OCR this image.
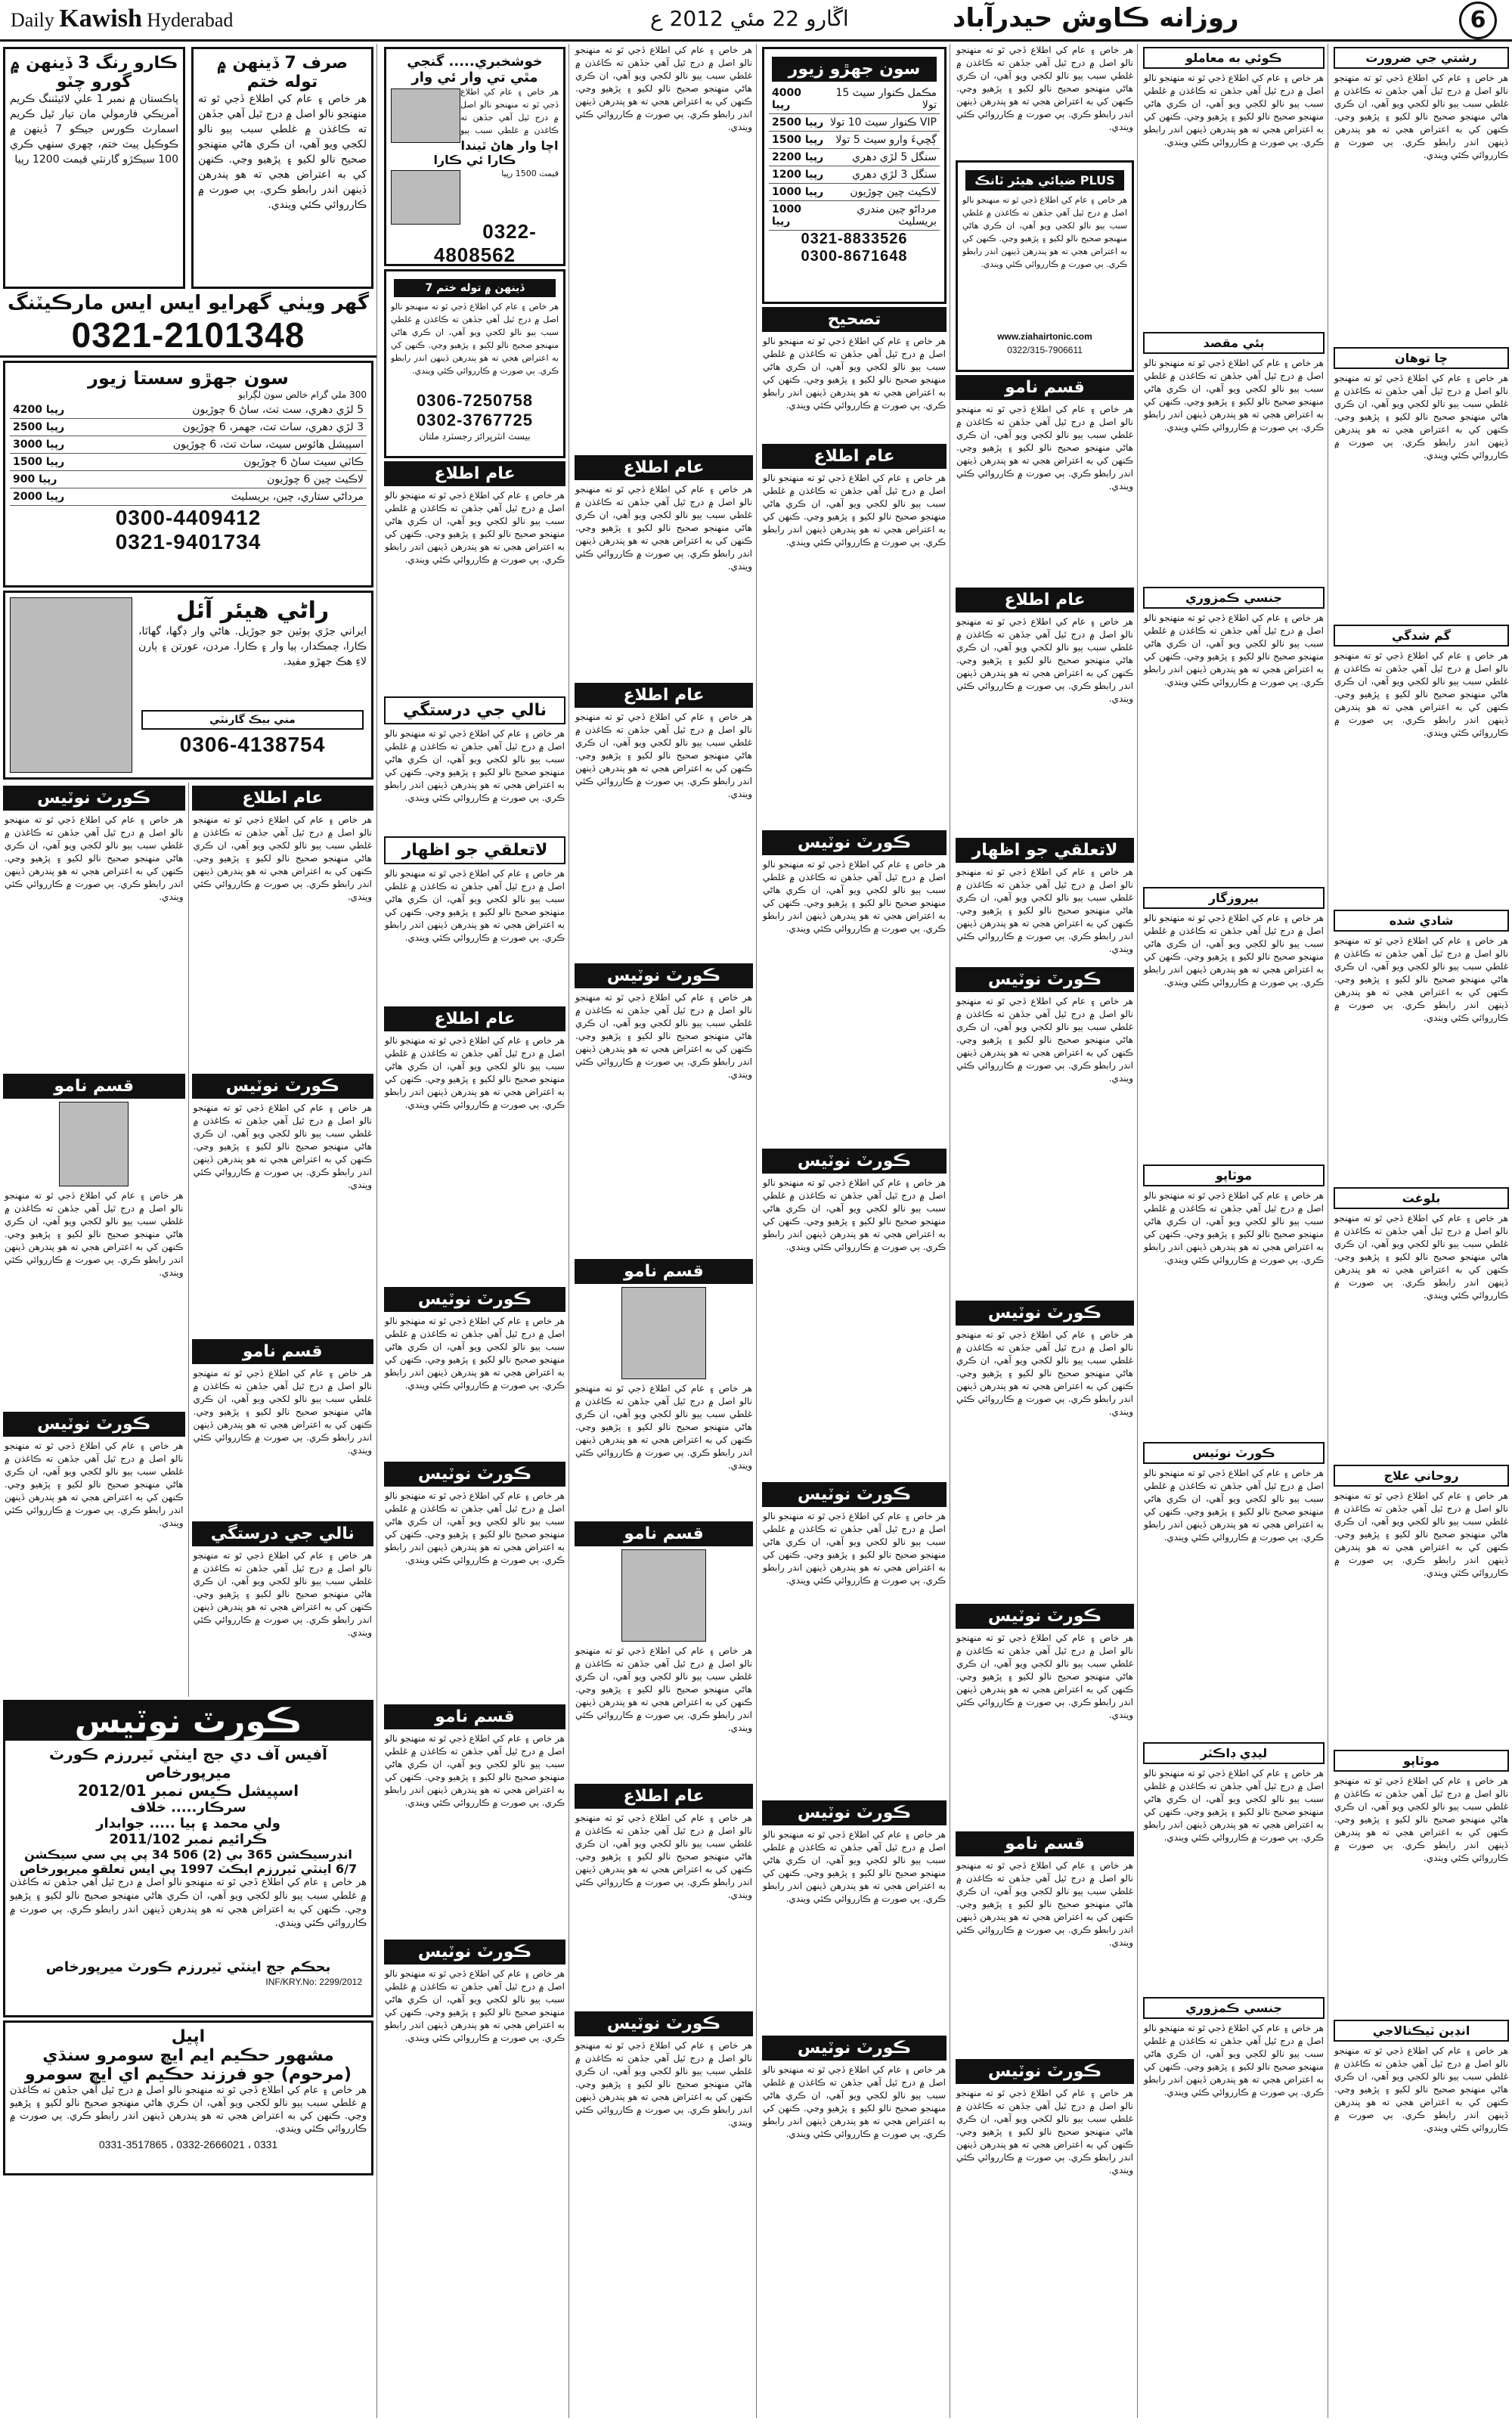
Daily Kawish Hyderabad	اڱارو 22 مئي 2012 ع	روزانه ڪاوش حيدرآباد	6
ڪارو رنگ 3 ڏينهن ۾ گورو چٽو
پاڪستان ۾ نمبر 1 علي لائيٽننگ ڪريم آمريڪي فارمولي مان تيار ٿيل ڪريم اسمارٽ ڪورس جيڪو 7 ڏينهن ۾ ڪوڪيل پيٽ ختم، چهري سنهي ڪري 100 سيڪڙو گارنٽي قيمت 1200 رپيا
صرف 7 ڏينهن ۾ توله ختم
هر خاص ۽ عام کي اطلاع ڏجي ٿو ته منهنجو نالو اصل ۾ درج ٿيل آهي جڏهن ته ڪاغذن ۾ غلطي سبب ٻيو نالو لکجي ويو آهي، ان ڪري هاڻي منهنجو صحيح نالو لکيو ۽ پڙهيو وڃي. ڪنهن کي به اعتراض هجي ته هو پندرهن ڏينهن اندر رابطو ڪري. ٻي صورت ۾ ڪارروائي ڪئي ويندي.
گهر ويٺي گهرايو ايس ايس مارڪيٽنگ
0321-2101348
سون جهڙو سستا زيور
300 ملي گرام خالص سون لڳرايو
5 لڙي دهري، ست تٽ، ساڻ 6 چوڙيون
4200 رپيا
3 لڙي دهري، ساٽ تٽ، جهمر، 6 چوڙيون
2500 رپيا
اسپيشل هائوس سيٽ، ساٽ تٽ، 6 چوڙيون
3000 رپيا
ڪاٽي سيٽ ساڻ 6 چوڙيون
1500 رپيا
لاڪيٽ چين 6 چوڙيون
900 رپيا
مرداڻي ستاري، چين، بريسليٽ
2000 رپيا
0300-4409412
0321-9401734
راڻي هيئر آئل
ايراني جڙي ٻوٽين جو جوڙيل. هاڻي وار ڊگها، گهاٽا، ڪارا، چمڪدار، ٻيا وار ۽ ڪارا. مردن، عورتن ۽ ٻارن لاءِ هڪ جهڙو مفيد.
مني بيڪ گارنٽي
0306-4138754
ڪورٽ نوٽيس
هر خاص ۽ عام کي اطلاع ڏجي ٿو ته منهنجو نالو اصل ۾ درج ٿيل آهي جڏهن ته ڪاغذن ۾ غلطي سبب ٻيو نالو لکجي ويو آهي، ان ڪري هاڻي منهنجو صحيح نالو لکيو ۽ پڙهيو وڃي. ڪنهن کي به اعتراض هجي ته هو پندرهن ڏينهن اندر رابطو ڪري. ٻي صورت ۾ ڪارروائي ڪئي ويندي.
قسم نامو
هر خاص ۽ عام کي اطلاع ڏجي ٿو ته منهنجو نالو اصل ۾ درج ٿيل آهي جڏهن ته ڪاغذن ۾ غلطي سبب ٻيو نالو لکجي ويو آهي، ان ڪري هاڻي منهنجو صحيح نالو لکيو ۽ پڙهيو وڃي. ڪنهن کي به اعتراض هجي ته هو پندرهن ڏينهن اندر رابطو ڪري. ٻي صورت ۾ ڪارروائي ڪئي ويندي.
ڪورٽ نوٽيس
هر خاص ۽ عام کي اطلاع ڏجي ٿو ته منهنجو نالو اصل ۾ درج ٿيل آهي جڏهن ته ڪاغذن ۾ غلطي سبب ٻيو نالو لکجي ويو آهي، ان ڪري هاڻي منهنجو صحيح نالو لکيو ۽ پڙهيو وڃي. ڪنهن کي به اعتراض هجي ته هو پندرهن ڏينهن اندر رابطو ڪري. ٻي صورت ۾ ڪارروائي ڪئي ويندي.
عام اطلاع
هر خاص ۽ عام کي اطلاع ڏجي ٿو ته منهنجو نالو اصل ۾ درج ٿيل آهي جڏهن ته ڪاغذن ۾ غلطي سبب ٻيو نالو لکجي ويو آهي، ان ڪري هاڻي منهنجو صحيح نالو لکيو ۽ پڙهيو وڃي. ڪنهن کي به اعتراض هجي ته هو پندرهن ڏينهن اندر رابطو ڪري. ٻي صورت ۾ ڪارروائي ڪئي ويندي.
ڪورٽ نوٽيس
هر خاص ۽ عام کي اطلاع ڏجي ٿو ته منهنجو نالو اصل ۾ درج ٿيل آهي جڏهن ته ڪاغذن ۾ غلطي سبب ٻيو نالو لکجي ويو آهي، ان ڪري هاڻي منهنجو صحيح نالو لکيو ۽ پڙهيو وڃي. ڪنهن کي به اعتراض هجي ته هو پندرهن ڏينهن اندر رابطو ڪري. ٻي صورت ۾ ڪارروائي ڪئي ويندي.
قسم نامو
هر خاص ۽ عام کي اطلاع ڏجي ٿو ته منهنجو نالو اصل ۾ درج ٿيل آهي جڏهن ته ڪاغذن ۾ غلطي سبب ٻيو نالو لکجي ويو آهي، ان ڪري هاڻي منهنجو صحيح نالو لکيو ۽ پڙهيو وڃي. ڪنهن کي به اعتراض هجي ته هو پندرهن ڏينهن اندر رابطو ڪري. ٻي صورت ۾ ڪارروائي ڪئي ويندي.
نالي جي درستگي
هر خاص ۽ عام کي اطلاع ڏجي ٿو ته منهنجو نالو اصل ۾ درج ٿيل آهي جڏهن ته ڪاغذن ۾ غلطي سبب ٻيو نالو لکجي ويو آهي، ان ڪري هاڻي منهنجو صحيح نالو لکيو ۽ پڙهيو وڃي. ڪنهن کي به اعتراض هجي ته هو پندرهن ڏينهن اندر رابطو ڪري. ٻي صورت ۾ ڪارروائي ڪئي ويندي.
ڪورٽ نوٽيس
آفيس آف دي جج اينٽي ٽيررزم ڪورٽ ميرپورخاص
اسپيشل ڪيس نمبر 2012/01
سرڪار..... خلاف
ولي محمد ۽ ٻيا ..... جوابدار
ڪرائيم نمبر 2011/102
انڊرسيڪشن 365 بي (2) 506 34 پي پي سي سيڪشن
6/7 اينٽي ٽيررزم ايڪٽ 1997 پي ايس تعلقو ميرپورخاص
هر خاص ۽ عام کي اطلاع ڏجي ٿو ته منهنجو نالو اصل ۾ درج ٿيل آهي جڏهن ته ڪاغذن ۾ غلطي سبب ٻيو نالو لکجي ويو آهي، ان ڪري هاڻي منهنجو صحيح نالو لکيو ۽ پڙهيو وڃي. ڪنهن کي به اعتراض هجي ته هو پندرهن ڏينهن اندر رابطو ڪري. ٻي صورت ۾ ڪارروائي ڪئي ويندي.
بحڪم جج اينٽي ٽيررزم ڪورٽ ميرپورخاص
INF/KRY.No: 2299/2012
اپيل
مشهور حڪيم ايم ايڇ سومرو سنڌي (مرحوم) جو فرزند حڪيم اي ايڇ سومرو
هر خاص ۽ عام کي اطلاع ڏجي ٿو ته منهنجو نالو اصل ۾ درج ٿيل آهي جڏهن ته ڪاغذن ۾ غلطي سبب ٻيو نالو لکجي ويو آهي، ان ڪري هاڻي منهنجو صحيح نالو لکيو ۽ پڙهيو وڃي. ڪنهن کي به اعتراض هجي ته هو پندرهن ڏينهن اندر رابطو ڪري. ٻي صورت ۾ ڪارروائي ڪئي ويندي.
0331-3517865 ، 0332-2666021 ، 0331
خوشخبري..... گنجي مٿي تي وار ئي وار
هر خاص ۽ عام کي اطلاع ڏجي ٿو ته منهنجو نالو اصل ۾ درج ٿيل آهي جڏهن ته ڪاغذن ۾ غلطي سبب ٻيو
اچا وار هاڻ ٿيندا ڪارا ئي ڪارا
قيمت 1500 رپيا
0322-4808562
7 ڏينهن ۾ توله ختم
هر خاص ۽ عام کي اطلاع ڏجي ٿو ته منهنجو نالو اصل ۾ درج ٿيل آهي جڏهن ته ڪاغذن ۾ غلطي سبب ٻيو نالو لکجي ويو آهي، ان ڪري هاڻي منهنجو صحيح نالو لکيو ۽ پڙهيو وڃي. ڪنهن کي به اعتراض هجي ته هو پندرهن ڏينهن اندر رابطو ڪري. ٻي صورت ۾ ڪارروائي ڪئي ويندي.
0306-7250758
0302-3767725
بيسٽ انٽرپرائز رجسٽرڊ ملتان
عام اطلاع
هر خاص ۽ عام کي اطلاع ڏجي ٿو ته منهنجو نالو اصل ۾ درج ٿيل آهي جڏهن ته ڪاغذن ۾ غلطي سبب ٻيو نالو لکجي ويو آهي، ان ڪري هاڻي منهنجو صحيح نالو لکيو ۽ پڙهيو وڃي. ڪنهن کي به اعتراض هجي ته هو پندرهن ڏينهن اندر رابطو ڪري. ٻي صورت ۾ ڪارروائي ڪئي ويندي.
نالي جي درستگي
هر خاص ۽ عام کي اطلاع ڏجي ٿو ته منهنجو نالو اصل ۾ درج ٿيل آهي جڏهن ته ڪاغذن ۾ غلطي سبب ٻيو نالو لکجي ويو آهي، ان ڪري هاڻي منهنجو صحيح نالو لکيو ۽ پڙهيو وڃي. ڪنهن کي به اعتراض هجي ته هو پندرهن ڏينهن اندر رابطو ڪري. ٻي صورت ۾ ڪارروائي ڪئي ويندي.
لاتعلقي جو اظهار
هر خاص ۽ عام کي اطلاع ڏجي ٿو ته منهنجو نالو اصل ۾ درج ٿيل آهي جڏهن ته ڪاغذن ۾ غلطي سبب ٻيو نالو لکجي ويو آهي، ان ڪري هاڻي منهنجو صحيح نالو لکيو ۽ پڙهيو وڃي. ڪنهن کي به اعتراض هجي ته هو پندرهن ڏينهن اندر رابطو ڪري. ٻي صورت ۾ ڪارروائي ڪئي ويندي.
عام اطلاع
هر خاص ۽ عام کي اطلاع ڏجي ٿو ته منهنجو نالو اصل ۾ درج ٿيل آهي جڏهن ته ڪاغذن ۾ غلطي سبب ٻيو نالو لکجي ويو آهي، ان ڪري هاڻي منهنجو صحيح نالو لکيو ۽ پڙهيو وڃي. ڪنهن کي به اعتراض هجي ته هو پندرهن ڏينهن اندر رابطو ڪري. ٻي صورت ۾ ڪارروائي ڪئي ويندي.
ڪورٽ نوٽيس
هر خاص ۽ عام کي اطلاع ڏجي ٿو ته منهنجو نالو اصل ۾ درج ٿيل آهي جڏهن ته ڪاغذن ۾ غلطي سبب ٻيو نالو لکجي ويو آهي، ان ڪري هاڻي منهنجو صحيح نالو لکيو ۽ پڙهيو وڃي. ڪنهن کي به اعتراض هجي ته هو پندرهن ڏينهن اندر رابطو ڪري. ٻي صورت ۾ ڪارروائي ڪئي ويندي.
ڪورٽ نوٽيس
هر خاص ۽ عام کي اطلاع ڏجي ٿو ته منهنجو نالو اصل ۾ درج ٿيل آهي جڏهن ته ڪاغذن ۾ غلطي سبب ٻيو نالو لکجي ويو آهي، ان ڪري هاڻي منهنجو صحيح نالو لکيو ۽ پڙهيو وڃي. ڪنهن کي به اعتراض هجي ته هو پندرهن ڏينهن اندر رابطو ڪري. ٻي صورت ۾ ڪارروائي ڪئي ويندي.
قسم نامو
هر خاص ۽ عام کي اطلاع ڏجي ٿو ته منهنجو نالو اصل ۾ درج ٿيل آهي جڏهن ته ڪاغذن ۾ غلطي سبب ٻيو نالو لکجي ويو آهي، ان ڪري هاڻي منهنجو صحيح نالو لکيو ۽ پڙهيو وڃي. ڪنهن کي به اعتراض هجي ته هو پندرهن ڏينهن اندر رابطو ڪري. ٻي صورت ۾ ڪارروائي ڪئي ويندي.
ڪورٽ نوٽيس
هر خاص ۽ عام کي اطلاع ڏجي ٿو ته منهنجو نالو اصل ۾ درج ٿيل آهي جڏهن ته ڪاغذن ۾ غلطي سبب ٻيو نالو لکجي ويو آهي، ان ڪري هاڻي منهنجو صحيح نالو لکيو ۽ پڙهيو وڃي. ڪنهن کي به اعتراض هجي ته هو پندرهن ڏينهن اندر رابطو ڪري. ٻي صورت ۾ ڪارروائي ڪئي ويندي.
هر خاص ۽ عام کي اطلاع ڏجي ٿو ته منهنجو نالو اصل ۾ درج ٿيل آهي جڏهن ته ڪاغذن ۾ غلطي سبب ٻيو نالو لکجي ويو آهي، ان ڪري هاڻي منهنجو صحيح نالو لکيو ۽ پڙهيو وڃي. ڪنهن کي به اعتراض هجي ته هو پندرهن ڏينهن اندر رابطو ڪري. ٻي صورت ۾ ڪارروائي ڪئي ويندي.
عام اطلاع
هر خاص ۽ عام کي اطلاع ڏجي ٿو ته منهنجو نالو اصل ۾ درج ٿيل آهي جڏهن ته ڪاغذن ۾ غلطي سبب ٻيو نالو لکجي ويو آهي، ان ڪري هاڻي منهنجو صحيح نالو لکيو ۽ پڙهيو وڃي. ڪنهن کي به اعتراض هجي ته هو پندرهن ڏينهن اندر رابطو ڪري. ٻي صورت ۾ ڪارروائي ڪئي ويندي.
عام اطلاع
هر خاص ۽ عام کي اطلاع ڏجي ٿو ته منهنجو نالو اصل ۾ درج ٿيل آهي جڏهن ته ڪاغذن ۾ غلطي سبب ٻيو نالو لکجي ويو آهي، ان ڪري هاڻي منهنجو صحيح نالو لکيو ۽ پڙهيو وڃي. ڪنهن کي به اعتراض هجي ته هو پندرهن ڏينهن اندر رابطو ڪري. ٻي صورت ۾ ڪارروائي ڪئي ويندي.
ڪورٽ نوٽيس
هر خاص ۽ عام کي اطلاع ڏجي ٿو ته منهنجو نالو اصل ۾ درج ٿيل آهي جڏهن ته ڪاغذن ۾ غلطي سبب ٻيو نالو لکجي ويو آهي، ان ڪري هاڻي منهنجو صحيح نالو لکيو ۽ پڙهيو وڃي. ڪنهن کي به اعتراض هجي ته هو پندرهن ڏينهن اندر رابطو ڪري. ٻي صورت ۾ ڪارروائي ڪئي ويندي.
قسم نامو
هر خاص ۽ عام کي اطلاع ڏجي ٿو ته منهنجو نالو اصل ۾ درج ٿيل آهي جڏهن ته ڪاغذن ۾ غلطي سبب ٻيو نالو لکجي ويو آهي، ان ڪري هاڻي منهنجو صحيح نالو لکيو ۽ پڙهيو وڃي. ڪنهن کي به اعتراض هجي ته هو پندرهن ڏينهن اندر رابطو ڪري. ٻي صورت ۾ ڪارروائي ڪئي ويندي.
قسم نامو
هر خاص ۽ عام کي اطلاع ڏجي ٿو ته منهنجو نالو اصل ۾ درج ٿيل آهي جڏهن ته ڪاغذن ۾ غلطي سبب ٻيو نالو لکجي ويو آهي، ان ڪري هاڻي منهنجو صحيح نالو لکيو ۽ پڙهيو وڃي. ڪنهن کي به اعتراض هجي ته هو پندرهن ڏينهن اندر رابطو ڪري. ٻي صورت ۾ ڪارروائي ڪئي ويندي.
عام اطلاع
هر خاص ۽ عام کي اطلاع ڏجي ٿو ته منهنجو نالو اصل ۾ درج ٿيل آهي جڏهن ته ڪاغذن ۾ غلطي سبب ٻيو نالو لکجي ويو آهي، ان ڪري هاڻي منهنجو صحيح نالو لکيو ۽ پڙهيو وڃي. ڪنهن کي به اعتراض هجي ته هو پندرهن ڏينهن اندر رابطو ڪري. ٻي صورت ۾ ڪارروائي ڪئي ويندي.
ڪورٽ نوٽيس
هر خاص ۽ عام کي اطلاع ڏجي ٿو ته منهنجو نالو اصل ۾ درج ٿيل آهي جڏهن ته ڪاغذن ۾ غلطي سبب ٻيو نالو لکجي ويو آهي، ان ڪري هاڻي منهنجو صحيح نالو لکيو ۽ پڙهيو وڃي. ڪنهن کي به اعتراض هجي ته هو پندرهن ڏينهن اندر رابطو ڪري. ٻي صورت ۾ ڪارروائي ڪئي ويندي.
سون جهڙو زيور
مڪمل ڪنوار سيٽ 15 تولا
4000 رپيا
VIP ڪنوار سيٽ 10 تولا
2500 رپيا
ڳچيءَ وارو سيٽ 5 تولا
1500 رپيا
سنگل 5 لڙي دهري
2200 رپيا
سنگل 3 لڙي دهري
1200 رپيا
لاڪيٽ چين چوڙيون
1000 رپيا
مرداڻو چين مندري بريسليٽ
1000 رپيا
0321-8833526
0300-8671648
تصحيح
هر خاص ۽ عام کي اطلاع ڏجي ٿو ته منهنجو نالو اصل ۾ درج ٿيل آهي جڏهن ته ڪاغذن ۾ غلطي سبب ٻيو نالو لکجي ويو آهي، ان ڪري هاڻي منهنجو صحيح نالو لکيو ۽ پڙهيو وڃي. ڪنهن کي به اعتراض هجي ته هو پندرهن ڏينهن اندر رابطو ڪري. ٻي صورت ۾ ڪارروائي ڪئي ويندي.
عام اطلاع
هر خاص ۽ عام کي اطلاع ڏجي ٿو ته منهنجو نالو اصل ۾ درج ٿيل آهي جڏهن ته ڪاغذن ۾ غلطي سبب ٻيو نالو لکجي ويو آهي، ان ڪري هاڻي منهنجو صحيح نالو لکيو ۽ پڙهيو وڃي. ڪنهن کي به اعتراض هجي ته هو پندرهن ڏينهن اندر رابطو ڪري. ٻي صورت ۾ ڪارروائي ڪئي ويندي.
ڪورٽ نوٽيس
هر خاص ۽ عام کي اطلاع ڏجي ٿو ته منهنجو نالو اصل ۾ درج ٿيل آهي جڏهن ته ڪاغذن ۾ غلطي سبب ٻيو نالو لکجي ويو آهي، ان ڪري هاڻي منهنجو صحيح نالو لکيو ۽ پڙهيو وڃي. ڪنهن کي به اعتراض هجي ته هو پندرهن ڏينهن اندر رابطو ڪري. ٻي صورت ۾ ڪارروائي ڪئي ويندي.
ڪورٽ نوٽيس
هر خاص ۽ عام کي اطلاع ڏجي ٿو ته منهنجو نالو اصل ۾ درج ٿيل آهي جڏهن ته ڪاغذن ۾ غلطي سبب ٻيو نالو لکجي ويو آهي، ان ڪري هاڻي منهنجو صحيح نالو لکيو ۽ پڙهيو وڃي. ڪنهن کي به اعتراض هجي ته هو پندرهن ڏينهن اندر رابطو ڪري. ٻي صورت ۾ ڪارروائي ڪئي ويندي.
ڪورٽ نوٽيس
هر خاص ۽ عام کي اطلاع ڏجي ٿو ته منهنجو نالو اصل ۾ درج ٿيل آهي جڏهن ته ڪاغذن ۾ غلطي سبب ٻيو نالو لکجي ويو آهي، ان ڪري هاڻي منهنجو صحيح نالو لکيو ۽ پڙهيو وڃي. ڪنهن کي به اعتراض هجي ته هو پندرهن ڏينهن اندر رابطو ڪري. ٻي صورت ۾ ڪارروائي ڪئي ويندي.
ڪورٽ نوٽيس
هر خاص ۽ عام کي اطلاع ڏجي ٿو ته منهنجو نالو اصل ۾ درج ٿيل آهي جڏهن ته ڪاغذن ۾ غلطي سبب ٻيو نالو لکجي ويو آهي، ان ڪري هاڻي منهنجو صحيح نالو لکيو ۽ پڙهيو وڃي. ڪنهن کي به اعتراض هجي ته هو پندرهن ڏينهن اندر رابطو ڪري. ٻي صورت ۾ ڪارروائي ڪئي ويندي.
ڪورٽ نوٽيس
هر خاص ۽ عام کي اطلاع ڏجي ٿو ته منهنجو نالو اصل ۾ درج ٿيل آهي جڏهن ته ڪاغذن ۾ غلطي سبب ٻيو نالو لکجي ويو آهي، ان ڪري هاڻي منهنجو صحيح نالو لکيو ۽ پڙهيو وڃي. ڪنهن کي به اعتراض هجي ته هو پندرهن ڏينهن اندر رابطو ڪري. ٻي صورت ۾ ڪارروائي ڪئي ويندي.
هر خاص ۽ عام کي اطلاع ڏجي ٿو ته منهنجو نالو اصل ۾ درج ٿيل آهي جڏهن ته ڪاغذن ۾ غلطي سبب ٻيو نالو لکجي ويو آهي، ان ڪري هاڻي منهنجو صحيح نالو لکيو ۽ پڙهيو وڃي. ڪنهن کي به اعتراض هجي ته هو پندرهن ڏينهن اندر رابطو ڪري. ٻي صورت ۾ ڪارروائي ڪئي ويندي.
ضيائي هيئر ٽانڪ PLUS
هر خاص ۽ عام کي اطلاع ڏجي ٿو ته منهنجو نالو اصل ۾ درج ٿيل آهي جڏهن ته ڪاغذن ۾ غلطي سبب ٻيو نالو لکجي ويو آهي، ان ڪري هاڻي منهنجو صحيح نالو لکيو ۽ پڙهيو وڃي. ڪنهن کي به اعتراض هجي ته هو پندرهن ڏينهن اندر رابطو ڪري. ٻي صورت ۾ ڪارروائي ڪئي ويندي.
www.ziahairtonic.com
0322/315-7906611
قسم نامو
هر خاص ۽ عام کي اطلاع ڏجي ٿو ته منهنجو نالو اصل ۾ درج ٿيل آهي جڏهن ته ڪاغذن ۾ غلطي سبب ٻيو نالو لکجي ويو آهي، ان ڪري هاڻي منهنجو صحيح نالو لکيو ۽ پڙهيو وڃي. ڪنهن کي به اعتراض هجي ته هو پندرهن ڏينهن اندر رابطو ڪري. ٻي صورت ۾ ڪارروائي ڪئي ويندي.
عام اطلاع
هر خاص ۽ عام کي اطلاع ڏجي ٿو ته منهنجو نالو اصل ۾ درج ٿيل آهي جڏهن ته ڪاغذن ۾ غلطي سبب ٻيو نالو لکجي ويو آهي، ان ڪري هاڻي منهنجو صحيح نالو لکيو ۽ پڙهيو وڃي. ڪنهن کي به اعتراض هجي ته هو پندرهن ڏينهن اندر رابطو ڪري. ٻي صورت ۾ ڪارروائي ڪئي ويندي.
لاتعلقي جو اظهار
هر خاص ۽ عام کي اطلاع ڏجي ٿو ته منهنجو نالو اصل ۾ درج ٿيل آهي جڏهن ته ڪاغذن ۾ غلطي سبب ٻيو نالو لکجي ويو آهي، ان ڪري هاڻي منهنجو صحيح نالو لکيو ۽ پڙهيو وڃي. ڪنهن کي به اعتراض هجي ته هو پندرهن ڏينهن اندر رابطو ڪري. ٻي صورت ۾ ڪارروائي ڪئي ويندي.
ڪورٽ نوٽيس
هر خاص ۽ عام کي اطلاع ڏجي ٿو ته منهنجو نالو اصل ۾ درج ٿيل آهي جڏهن ته ڪاغذن ۾ غلطي سبب ٻيو نالو لکجي ويو آهي، ان ڪري هاڻي منهنجو صحيح نالو لکيو ۽ پڙهيو وڃي. ڪنهن کي به اعتراض هجي ته هو پندرهن ڏينهن اندر رابطو ڪري. ٻي صورت ۾ ڪارروائي ڪئي ويندي.
ڪورٽ نوٽيس
هر خاص ۽ عام کي اطلاع ڏجي ٿو ته منهنجو نالو اصل ۾ درج ٿيل آهي جڏهن ته ڪاغذن ۾ غلطي سبب ٻيو نالو لکجي ويو آهي، ان ڪري هاڻي منهنجو صحيح نالو لکيو ۽ پڙهيو وڃي. ڪنهن کي به اعتراض هجي ته هو پندرهن ڏينهن اندر رابطو ڪري. ٻي صورت ۾ ڪارروائي ڪئي ويندي.
ڪورٽ نوٽيس
هر خاص ۽ عام کي اطلاع ڏجي ٿو ته منهنجو نالو اصل ۾ درج ٿيل آهي جڏهن ته ڪاغذن ۾ غلطي سبب ٻيو نالو لکجي ويو آهي، ان ڪري هاڻي منهنجو صحيح نالو لکيو ۽ پڙهيو وڃي. ڪنهن کي به اعتراض هجي ته هو پندرهن ڏينهن اندر رابطو ڪري. ٻي صورت ۾ ڪارروائي ڪئي ويندي.
قسم نامو
هر خاص ۽ عام کي اطلاع ڏجي ٿو ته منهنجو نالو اصل ۾ درج ٿيل آهي جڏهن ته ڪاغذن ۾ غلطي سبب ٻيو نالو لکجي ويو آهي، ان ڪري هاڻي منهنجو صحيح نالو لکيو ۽ پڙهيو وڃي. ڪنهن کي به اعتراض هجي ته هو پندرهن ڏينهن اندر رابطو ڪري. ٻي صورت ۾ ڪارروائي ڪئي ويندي.
ڪورٽ نوٽيس
هر خاص ۽ عام کي اطلاع ڏجي ٿو ته منهنجو نالو اصل ۾ درج ٿيل آهي جڏهن ته ڪاغذن ۾ غلطي سبب ٻيو نالو لکجي ويو آهي، ان ڪري هاڻي منهنجو صحيح نالو لکيو ۽ پڙهيو وڃي. ڪنهن کي به اعتراض هجي ته هو پندرهن ڏينهن اندر رابطو ڪري. ٻي صورت ۾ ڪارروائي ڪئي ويندي.
ڪوئي به معاملو
هر خاص ۽ عام کي اطلاع ڏجي ٿو ته منهنجو نالو اصل ۾ درج ٿيل آهي جڏهن ته ڪاغذن ۾ غلطي سبب ٻيو نالو لکجي ويو آهي، ان ڪري هاڻي منهنجو صحيح نالو لکيو ۽ پڙهيو وڃي. ڪنهن کي به اعتراض هجي ته هو پندرهن ڏينهن اندر رابطو ڪري. ٻي صورت ۾ ڪارروائي ڪئي ويندي.
ٻئي مقصد
هر خاص ۽ عام کي اطلاع ڏجي ٿو ته منهنجو نالو اصل ۾ درج ٿيل آهي جڏهن ته ڪاغذن ۾ غلطي سبب ٻيو نالو لکجي ويو آهي، ان ڪري هاڻي منهنجو صحيح نالو لکيو ۽ پڙهيو وڃي. ڪنهن کي به اعتراض هجي ته هو پندرهن ڏينهن اندر رابطو ڪري. ٻي صورت ۾ ڪارروائي ڪئي ويندي.
جنسي ڪمزوري
هر خاص ۽ عام کي اطلاع ڏجي ٿو ته منهنجو نالو اصل ۾ درج ٿيل آهي جڏهن ته ڪاغذن ۾ غلطي سبب ٻيو نالو لکجي ويو آهي، ان ڪري هاڻي منهنجو صحيح نالو لکيو ۽ پڙهيو وڃي. ڪنهن کي به اعتراض هجي ته هو پندرهن ڏينهن اندر رابطو ڪري. ٻي صورت ۾ ڪارروائي ڪئي ويندي.
بيروزگار
هر خاص ۽ عام کي اطلاع ڏجي ٿو ته منهنجو نالو اصل ۾ درج ٿيل آهي جڏهن ته ڪاغذن ۾ غلطي سبب ٻيو نالو لکجي ويو آهي، ان ڪري هاڻي منهنجو صحيح نالو لکيو ۽ پڙهيو وڃي. ڪنهن کي به اعتراض هجي ته هو پندرهن ڏينهن اندر رابطو ڪري. ٻي صورت ۾ ڪارروائي ڪئي ويندي.
موٽاپو
هر خاص ۽ عام کي اطلاع ڏجي ٿو ته منهنجو نالو اصل ۾ درج ٿيل آهي جڏهن ته ڪاغذن ۾ غلطي سبب ٻيو نالو لکجي ويو آهي، ان ڪري هاڻي منهنجو صحيح نالو لکيو ۽ پڙهيو وڃي. ڪنهن کي به اعتراض هجي ته هو پندرهن ڏينهن اندر رابطو ڪري. ٻي صورت ۾ ڪارروائي ڪئي ويندي.
ڪورٽ نوٽيس
هر خاص ۽ عام کي اطلاع ڏجي ٿو ته منهنجو نالو اصل ۾ درج ٿيل آهي جڏهن ته ڪاغذن ۾ غلطي سبب ٻيو نالو لکجي ويو آهي، ان ڪري هاڻي منهنجو صحيح نالو لکيو ۽ پڙهيو وڃي. ڪنهن کي به اعتراض هجي ته هو پندرهن ڏينهن اندر رابطو ڪري. ٻي صورت ۾ ڪارروائي ڪئي ويندي.
ليڊي ڊاڪٽر
هر خاص ۽ عام کي اطلاع ڏجي ٿو ته منهنجو نالو اصل ۾ درج ٿيل آهي جڏهن ته ڪاغذن ۾ غلطي سبب ٻيو نالو لکجي ويو آهي، ان ڪري هاڻي منهنجو صحيح نالو لکيو ۽ پڙهيو وڃي. ڪنهن کي به اعتراض هجي ته هو پندرهن ڏينهن اندر رابطو ڪري. ٻي صورت ۾ ڪارروائي ڪئي ويندي.
جنسي ڪمزوري
هر خاص ۽ عام کي اطلاع ڏجي ٿو ته منهنجو نالو اصل ۾ درج ٿيل آهي جڏهن ته ڪاغذن ۾ غلطي سبب ٻيو نالو لکجي ويو آهي، ان ڪري هاڻي منهنجو صحيح نالو لکيو ۽ پڙهيو وڃي. ڪنهن کي به اعتراض هجي ته هو پندرهن ڏينهن اندر رابطو ڪري. ٻي صورت ۾ ڪارروائي ڪئي ويندي.
رشتي جي ضرورت
هر خاص ۽ عام کي اطلاع ڏجي ٿو ته منهنجو نالو اصل ۾ درج ٿيل آهي جڏهن ته ڪاغذن ۾ غلطي سبب ٻيو نالو لکجي ويو آهي، ان ڪري هاڻي منهنجو صحيح نالو لکيو ۽ پڙهيو وڃي. ڪنهن کي به اعتراض هجي ته هو پندرهن ڏينهن اندر رابطو ڪري. ٻي صورت ۾ ڪارروائي ڪئي ويندي.
ڇا توهان
هر خاص ۽ عام کي اطلاع ڏجي ٿو ته منهنجو نالو اصل ۾ درج ٿيل آهي جڏهن ته ڪاغذن ۾ غلطي سبب ٻيو نالو لکجي ويو آهي، ان ڪري هاڻي منهنجو صحيح نالو لکيو ۽ پڙهيو وڃي. ڪنهن کي به اعتراض هجي ته هو پندرهن ڏينهن اندر رابطو ڪري. ٻي صورت ۾ ڪارروائي ڪئي ويندي.
گم شدگي
هر خاص ۽ عام کي اطلاع ڏجي ٿو ته منهنجو نالو اصل ۾ درج ٿيل آهي جڏهن ته ڪاغذن ۾ غلطي سبب ٻيو نالو لکجي ويو آهي، ان ڪري هاڻي منهنجو صحيح نالو لکيو ۽ پڙهيو وڃي. ڪنهن کي به اعتراض هجي ته هو پندرهن ڏينهن اندر رابطو ڪري. ٻي صورت ۾ ڪارروائي ڪئي ويندي.
شادي شده
هر خاص ۽ عام کي اطلاع ڏجي ٿو ته منهنجو نالو اصل ۾ درج ٿيل آهي جڏهن ته ڪاغذن ۾ غلطي سبب ٻيو نالو لکجي ويو آهي، ان ڪري هاڻي منهنجو صحيح نالو لکيو ۽ پڙهيو وڃي. ڪنهن کي به اعتراض هجي ته هو پندرهن ڏينهن اندر رابطو ڪري. ٻي صورت ۾ ڪارروائي ڪئي ويندي.
بلوغت
هر خاص ۽ عام کي اطلاع ڏجي ٿو ته منهنجو نالو اصل ۾ درج ٿيل آهي جڏهن ته ڪاغذن ۾ غلطي سبب ٻيو نالو لکجي ويو آهي، ان ڪري هاڻي منهنجو صحيح نالو لکيو ۽ پڙهيو وڃي. ڪنهن کي به اعتراض هجي ته هو پندرهن ڏينهن اندر رابطو ڪري. ٻي صورت ۾ ڪارروائي ڪئي ويندي.
روحاني علاج
هر خاص ۽ عام کي اطلاع ڏجي ٿو ته منهنجو نالو اصل ۾ درج ٿيل آهي جڏهن ته ڪاغذن ۾ غلطي سبب ٻيو نالو لکجي ويو آهي، ان ڪري هاڻي منهنجو صحيح نالو لکيو ۽ پڙهيو وڃي. ڪنهن کي به اعتراض هجي ته هو پندرهن ڏينهن اندر رابطو ڪري. ٻي صورت ۾ ڪارروائي ڪئي ويندي.
موٽاپو
هر خاص ۽ عام کي اطلاع ڏجي ٿو ته منهنجو نالو اصل ۾ درج ٿيل آهي جڏهن ته ڪاغذن ۾ غلطي سبب ٻيو نالو لکجي ويو آهي، ان ڪري هاڻي منهنجو صحيح نالو لکيو ۽ پڙهيو وڃي. ڪنهن کي به اعتراض هجي ته هو پندرهن ڏينهن اندر رابطو ڪري. ٻي صورت ۾ ڪارروائي ڪئي ويندي.
انڊين ٽيڪنالاجي
هر خاص ۽ عام کي اطلاع ڏجي ٿو ته منهنجو نالو اصل ۾ درج ٿيل آهي جڏهن ته ڪاغذن ۾ غلطي سبب ٻيو نالو لکجي ويو آهي، ان ڪري هاڻي منهنجو صحيح نالو لکيو ۽ پڙهيو وڃي. ڪنهن کي به اعتراض هجي ته هو پندرهن ڏينهن اندر رابطو ڪري. ٻي صورت ۾ ڪارروائي ڪئي ويندي.
